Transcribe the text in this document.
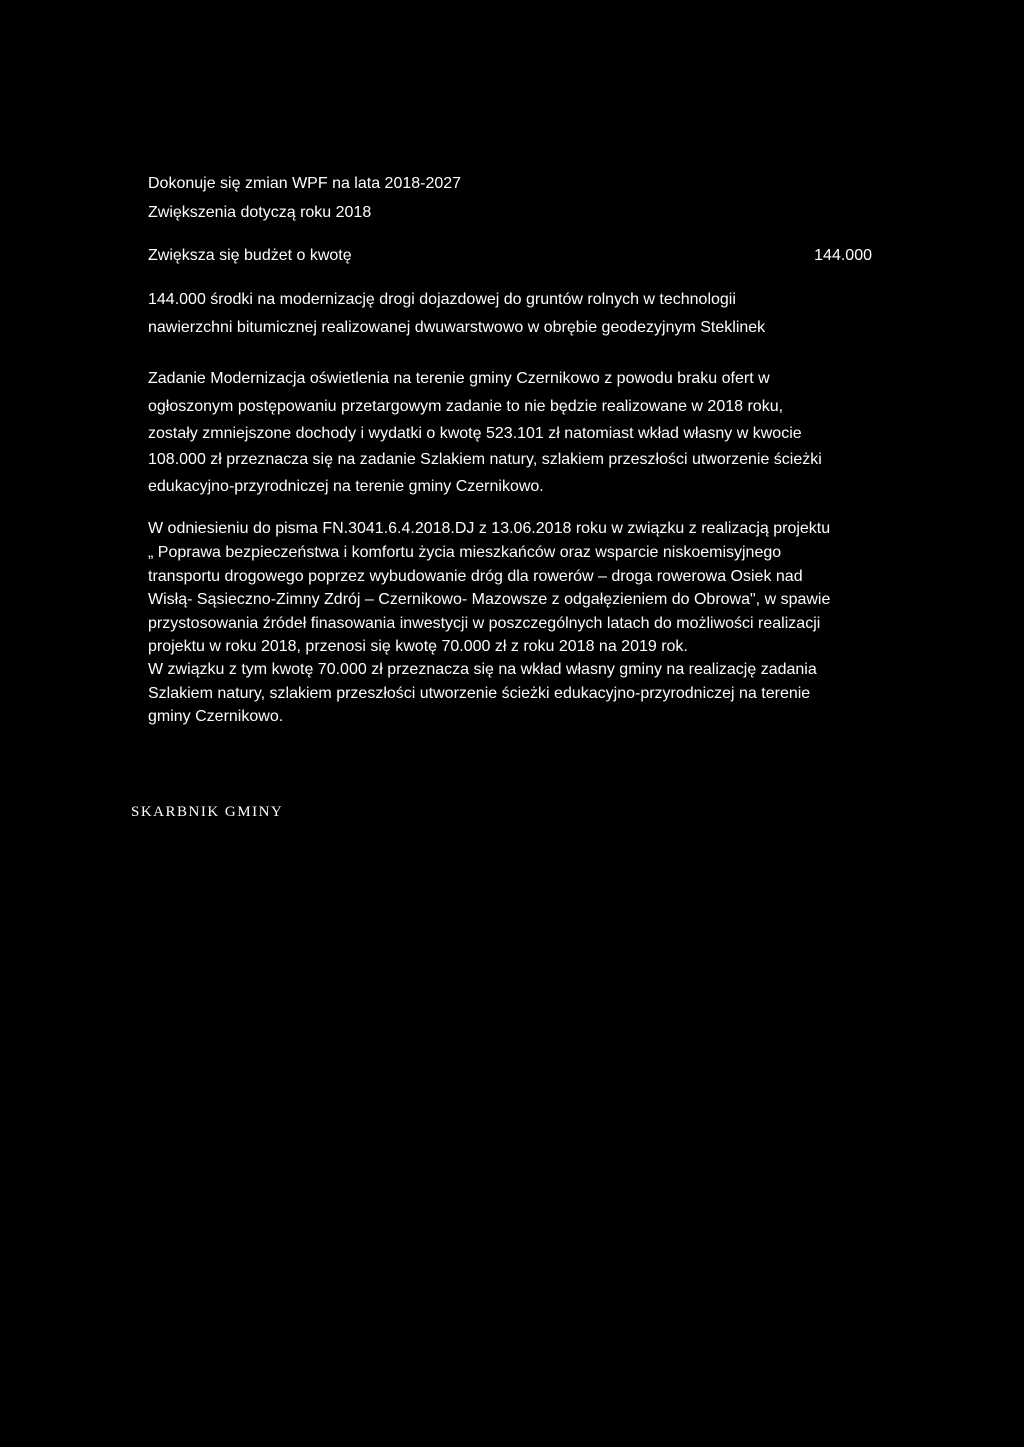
Dokonuje się zmian WPF na lata 2018-2027
Zwiększenia dotyczą roku 2018
Zwiększa się budżet o kwotę	144.000
144.000 środki na modernizację drogi dojazdowej do gruntów rolnych w technologii
nawierzchni bitumicznej realizowanej dwuwarstwowo w obrębie geodezyjnym Steklinek
Zadanie Modernizacja oświetlenia na terenie gminy Czernikowo z powodu braku ofert w
ogłoszonym postępowaniu przetargowym zadanie to nie będzie realizowane w 2018 roku,
zostały zmniejszone dochody i wydatki o kwotę 523.101 zł natomiast wkład własny w kwocie
108.000 zł przeznacza się na zadanie Szlakiem natury, szlakiem przeszłości utworzenie ścieżki
edukacyjno-przyrodniczej na terenie gminy Czernikowo.
W odniesieniu do pisma FN.3041.6.4.2018.DJ z 13.06.2018 roku w związku z realizacją projektu
„ Poprawa bezpieczeństwa i komfortu życia mieszkańców oraz wsparcie niskoemisyjnego
transportu drogowego poprzez wybudowanie dróg dla rowerów – droga rowerowa Osiek nad
Wisłą- Sąsieczno-Zimny Zdrój – Czernikowo- Mazowsze z odgałęzieniem do Obrowa", w spawie
przystosowania źródeł finasowania inwestycji w poszczególnych latach do możliwości realizacji
projektu w roku 2018, przenosi się kwotę 70.000 zł z roku 2018 na 2019 rok.
W związku z tym kwotę 70.000 zł przeznacza się na wkład własny gminy na realizację zadania
Szlakiem natury, szlakiem przeszłości utworzenie ścieżki edukacyjno-przyrodniczej na terenie
gminy Czernikowo.
SKARBNIK GMINY
